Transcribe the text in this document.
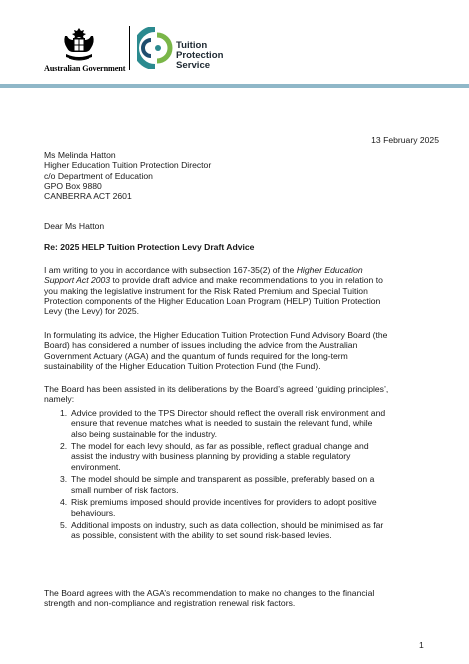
Australian Government
Tuition
Protection
Service
13 February 2025
Ms Melinda Hatton
Higher Education Tuition Protection Director
c/o Department of Education
GPO Box 9880
CANBERRA ACT 2601
Dear Ms Hatton
Re: 2025 HELP Tuition Protection Levy Draft Advice
I am writing to you in accordance with subsection 167-35(2) of the Higher Education
Support Act 2003 to provide draft advice and make recommendations to you in relation to
you making the legislative instrument for the Risk Rated Premium and Special Tuition
Protection components of the Higher Education Loan Program (HELP) Tuition Protection
Levy (the Levy) for 2025.
In formulating its advice, the Higher Education Tuition Protection Fund Advisory Board (the
Board) has considered a number of issues including the advice from the Australian
Government Actuary (AGA) and the quantum of funds required for the long-term
sustainability of the Higher Education Tuition Protection Fund (the Fund).
The Board has been assisted in its deliberations by the Board’s agreed ‘guiding principles’,
namely:
1. Advice provided to the TPS Director should reflect the overall risk environment and
ensure that revenue matches what is needed to sustain the relevant fund, while
also being sustainable for the industry.
2. The model for each levy should, as far as possible, reflect gradual change and
assist the industry with business planning by providing a stable regulatory
environment.
3. The model should be simple and transparent as possible, preferably based on a
small number of risk factors.
4. Risk premiums imposed should provide incentives for providers to adopt positive
behaviours.
5. Additional imposts on industry, such as data collection, should be minimised as far
as possible, consistent with the ability to set sound risk-based levies.
The Board agrees with the AGA’s recommendation to make no changes to the financial
strength and non-compliance and registration renewal risk factors.
1
